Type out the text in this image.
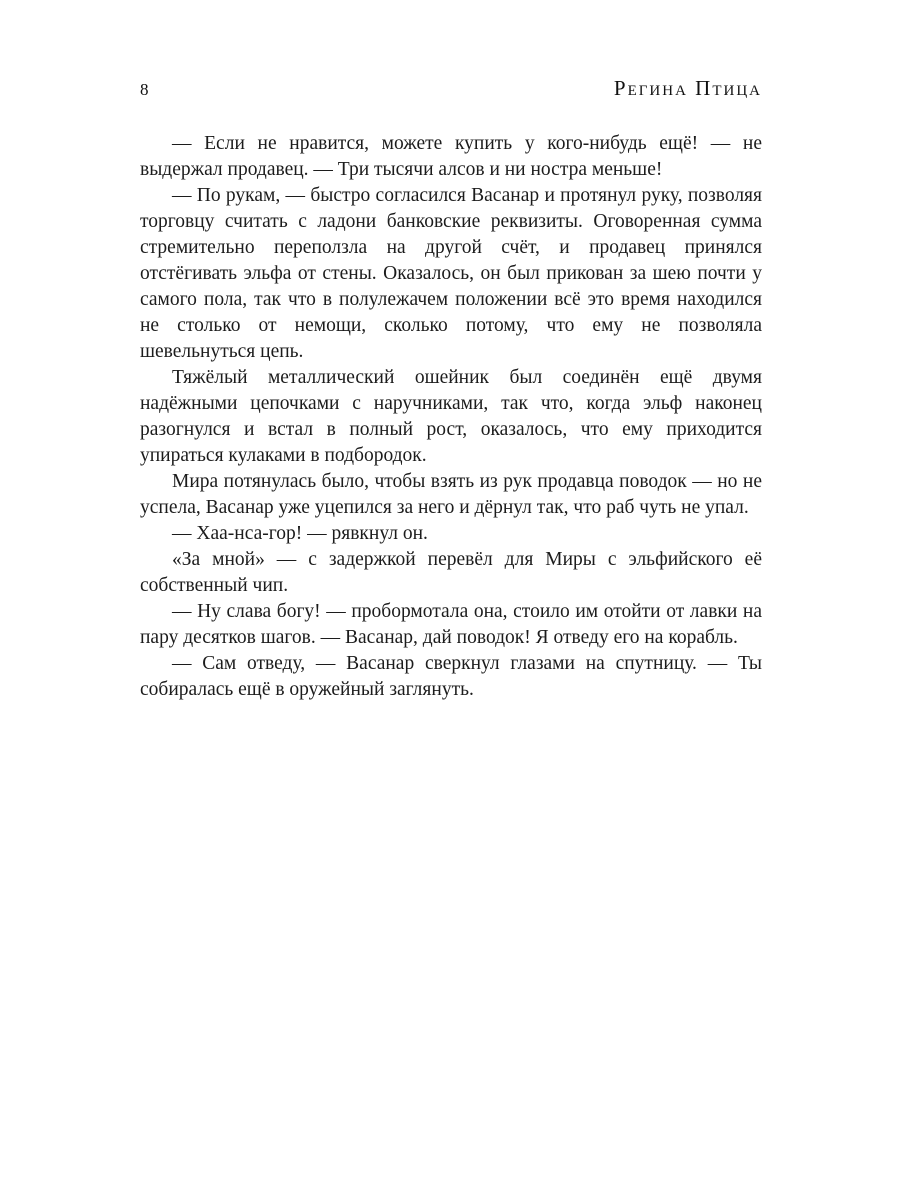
8	Регина Птица

— Если не нравится, можете купить у кого-нибудь ещё! — не выдержал продавец. — Три тысячи алсов и ни ностра меньше!

— По рукам, — быстро согласился Васанар и протянул руку, позволяя торговцу считать с ладони банковские реквизиты. Оговоренная сумма стремительно переползла на другой счёт, и продавец принялся отстёгивать эльфа от стены. Оказалось, он был прикован за шею почти у самого пола, так что в полулежачем положении всё это время находился не столько от немощи, сколько потому, что ему не позволяла шевельнуться цепь.

Тяжёлый металлический ошейник был соединён ещё двумя надёжными цепочками с наручниками, так что, когда эльф наконец разогнулся и встал в полный рост, оказалось, что ему приходится упираться кулаками в подбородок.

Мира потянулась было, чтобы взять из рук продавца поводок — но не успела, Васанар уже уцепился за него и дёрнул так, что раб чуть не упал.

— Хаа-нса-гор! — рявкнул он.

«За мной» — с задержкой перевёл для Миры с эльфийского её собственный чип.

— Ну слава богу! — пробормотала она, стоило им отойти от лавки на пару десятков шагов. — Васанар, дай поводок! Я отведу его на корабль.

— Сам отведу, — Васанар сверкнул глазами на спутницу. — Ты собиралась ещё в оружейный заглянуть.
